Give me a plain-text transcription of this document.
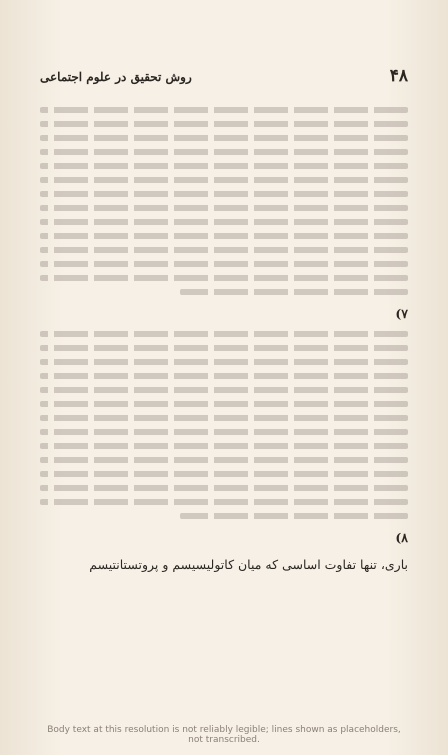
۴۸
روش تحقیق در علوم اجتماعی
۷)
۸)

بارى، تنها تفاوت اساسى كه ميان كاتوليسيسم و پروتستانتيسم

Body text at this resolution is not reliably legible; lines shown as placeholders, not transcribed.
